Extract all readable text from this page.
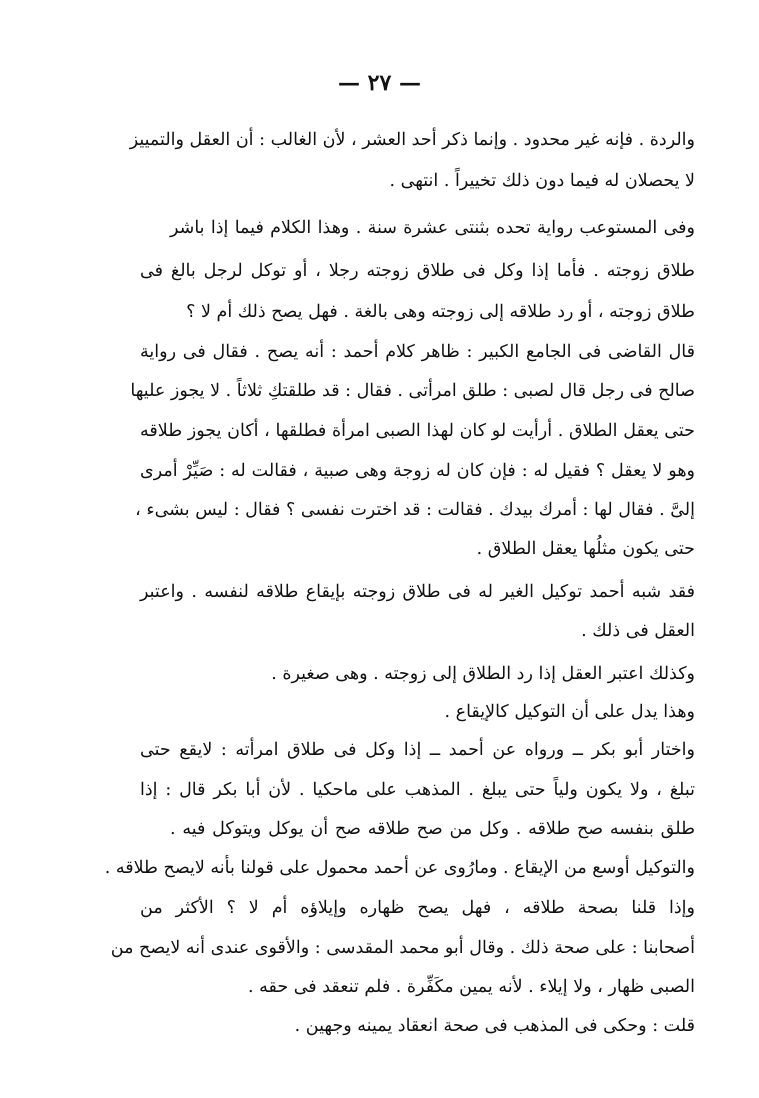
— ٢٧ —
والردة . فإنه غير محدود . وإنما ذكر أحد العشر ، لأن الغالب : أن العقل والتمييز
لا يحصلان له فيما دون ذلك تخييراً . انتهى .
وفى المستوعب رواية تحده بثنتى عشرة سنة . وهذا الكلام فيما إذا باشر
طلاق زوجته . فأما إذا وكل فى طلاق زوجته رجلا ، أو توكل لرجل بالغ فى
طلاق زوجته ، أو رد طلاقه إلى زوجته وهى بالغة . فهل يصح ذلك أم لا ؟
قال القاضى فى الجامع الكبير : ظاهر كلام أحمد : أنه يصح . فقال فى رواية
صالح فى رجل قال لصبى : طلق امرأتى . فقال : قد طلقتكِ ثلاثاً . لا يجوز عليها
حتى يعقل الطلاق . أرأيت لو كان لهذا الصبى امرأة فطلقها ، أكان يجوز طلاقه
وهو لا يعقل ؟ فقيل له : فإن كان له زوجة وهى صبية ، فقالت له : صَيِّرْ أمرى
إلىَّ . فقال لها : أمرك بيدك . فقالت : قد اخترت نفسى ؟ فقال : ليس بشىء ،
حتى يكون مثلُها يعقل الطلاق .
فقد شبه أحمد توكيل الغير له فى طلاق زوجته بإيقاع طلاقه لنفسه . واعتبر
العقل فى ذلك .
وكذلك اعتبر العقل إذا رد الطلاق إلى زوجته . وهى صغيرة .
وهذا يدل على أن التوكيل كالإيقاع .
واختار أبو بكر ــ ورواه عن أحمد ــ إذا وكل فى طلاق امرأته : لايقع حتى
تبلغ ، ولا يكون ولياً حتى يبلغ . المذهب على ماحكيا . لأن أبا بكر قال : إذا
طلق بنفسه صح طلاقه . وكل من صح طلاقه صح أن يوكل ويتوكل فيه .
والتوكيل أوسع من الإيقاع . ومارُوى عن أحمد محمول على قولنا بأنه لايصح طلاقه .
وإذا قلنا بصحة طلاقه ، فهل يصح ظهاره وإيلاؤه أم لا ؟ الأكثر من
أصحابنا : على صحة ذلك . وقال أبو محمد المقدسى : والأقوى عندى أنه لايصح من
الصبى ظهار ، ولا إيلاء . لأنه يمين مكَفِّرة . فلم تنعقد فى حقه .
قلت : وحكى فى المذهب فى صحة انعقاد يمينه وجهين .
